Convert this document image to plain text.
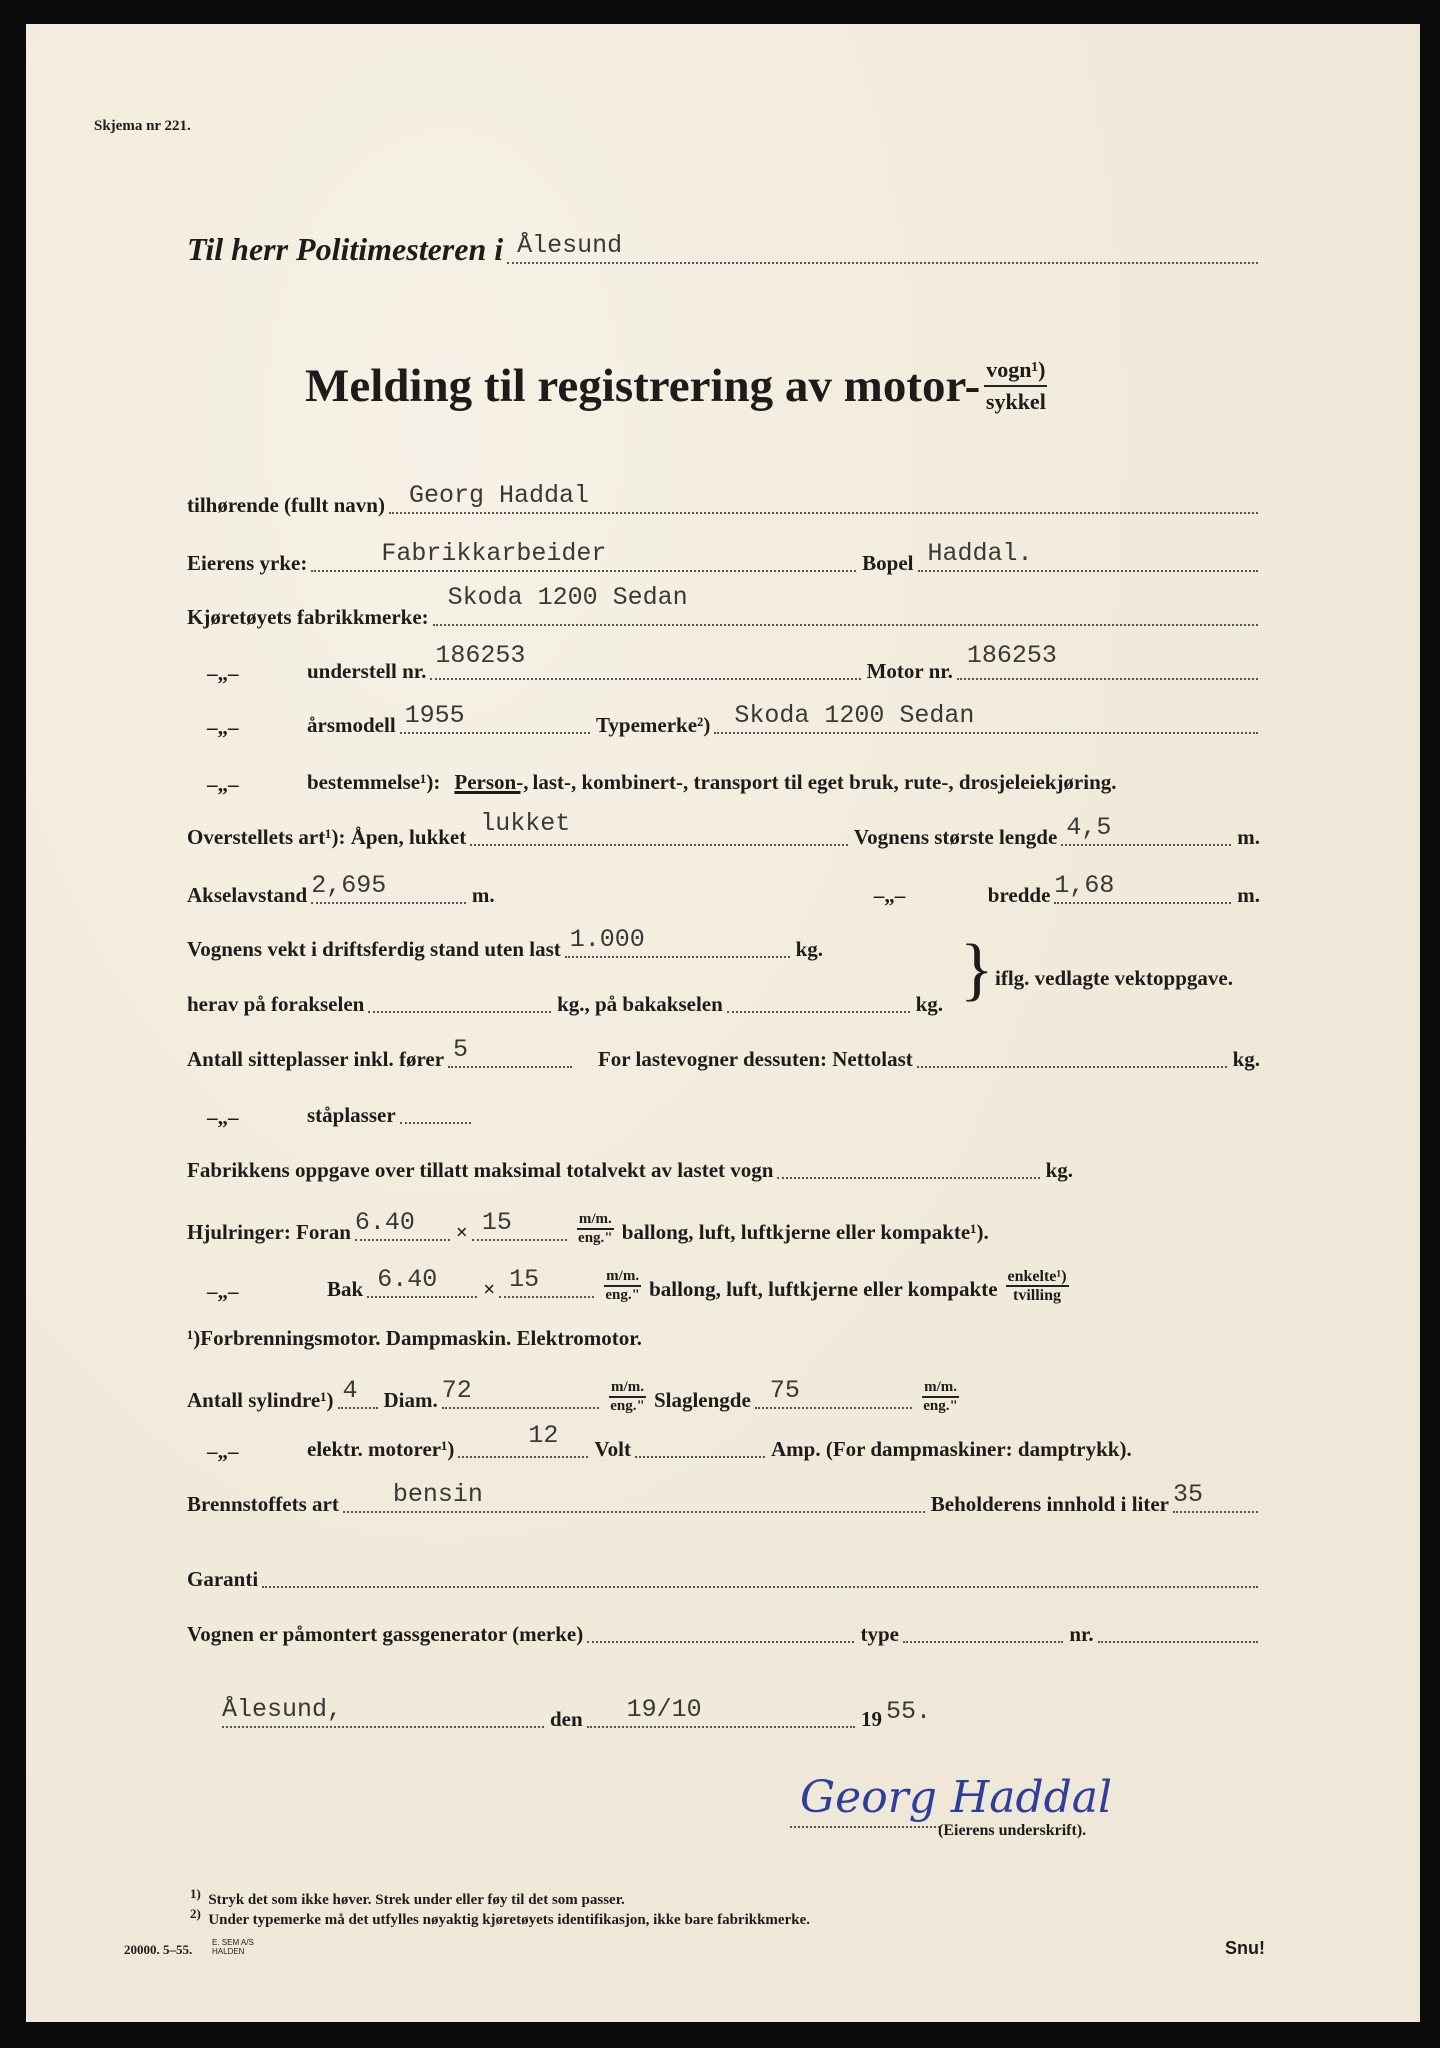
Skjema nr 221.
Til herr Politimesteren i Ålesund
Melding til registrering av motor- $\frac{\text{vogn¹)}}{\text{sykkel}}$
tilhørende (fullt navn) Georg Haddal
Eierens yrke:	Fabrikkarbeider	Bopel Haddal.
Kjøretøyets fabrikkmerke:
Skoda 1200 Sedan
–„–	understell nr.
186253
Motor nr.
186253
–„–	årsmodell 1955	Typemerke²) Skoda 1200 Sedan
–„–	bestemmelse¹): Person-, last-, kombinert-, transport til eget bruk, rute-, drosjeleiekjøring.
Overstellets art¹): Åpen, lukket lukket	Vognens største lengde 4,5	m.
Akselavstand 2,695	m.	–„–	bredde 1,68	m.
Vognens vekt i driftsferdig stand uten last 1.000	kg.
herav på forakselen	kg., på bakakselen	kg. } iflg. vedlagte vektoppgave.
Antall sitteplasser inkl. fører 5	For lastevogner dessuten: Nettolast	kg.
–„–	ståplasser
Fabrikkens oppgave over tillatt maksimal totalvekt av lastet vogn	kg.
Hjulringer: Foran 6.40 × 15	$\frac{m/m.}{\text{eng."}}$ ballong, luft, luftkjerne eller kompakte¹).
–„–	Bak 6.40 × 15	$\frac{m/m.}{\text{eng."}}$ ballong, luft, luftkjerne eller kompakte $\frac{\text{enkelte¹)}}{\text{tvilling}}$
¹)Forbrenningsmotor. Dampmaskin. Elektromotor.
Antall sylindre¹) 4 Diam. 72	$\frac{m/m.}{\text{eng."}}$ Slaglengde 75	$\frac{m/m.}{\text{eng."}}$
–„–	elektr. motorer¹)	12 Volt	Amp. (For dampmaskiner: damptrykk).
Brennstoffets art bensin	Beholderens innhold i liter 35
Garanti
Vognen er påmontert gassgenerator (merke)	type	nr.
Ålesund,	den 19/10	19 55.
Georg Haddal
(Eierens underskrift).
1) Stryk det som ikke høver. Strek under eller føy til det som passer.
2) Under typemerke må det utfylles nøyaktig kjøretøyets identifikasjon, ikke bare fabrikkmerke.
20000. 5–55. E. SEM A/S
HALDEN	Snu!
